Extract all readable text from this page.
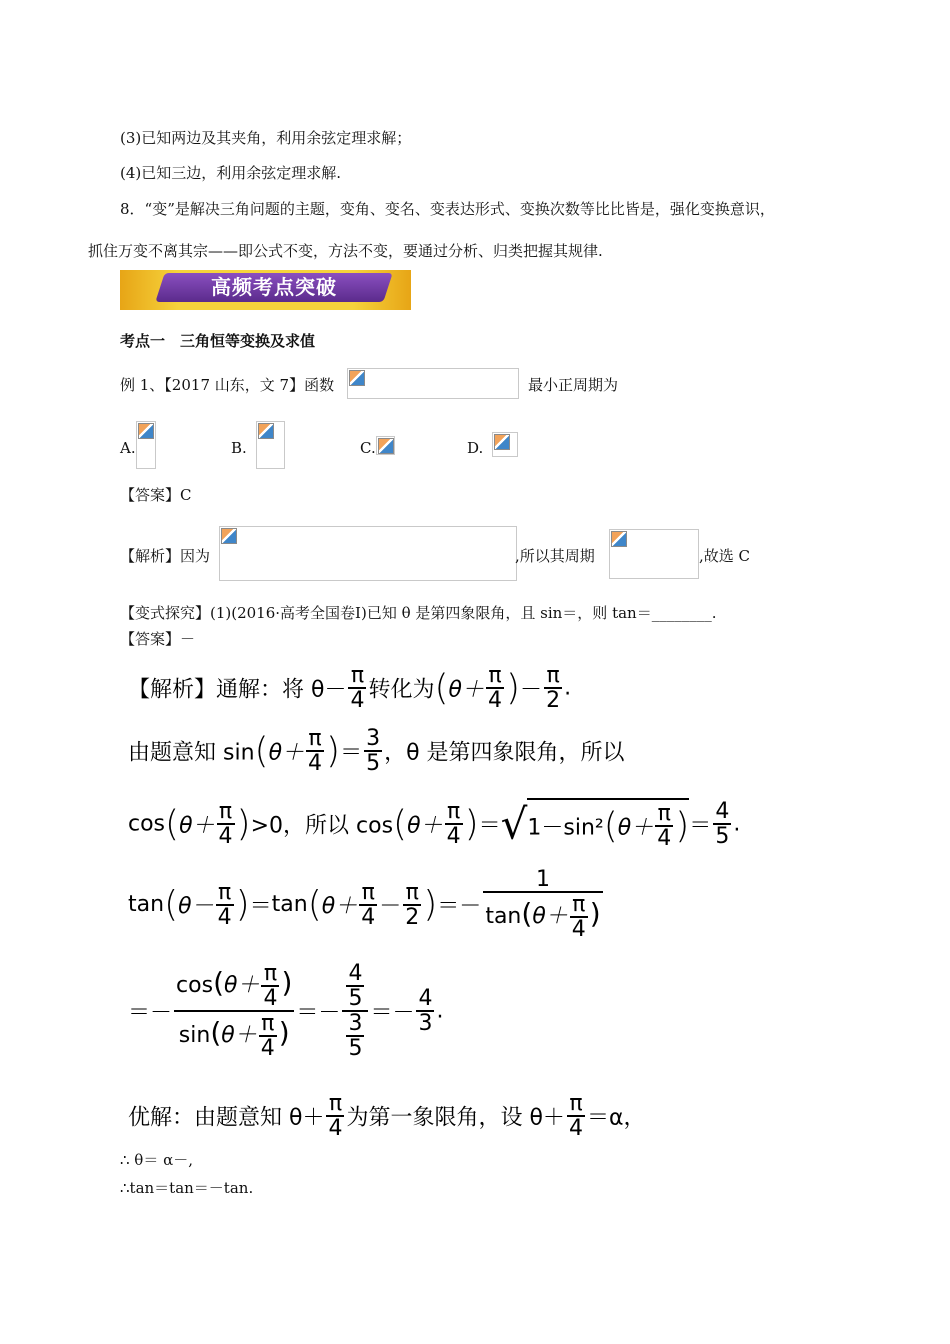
(3)已知两边及其夹角，利用余弦定理求解；
(4)已知三边，利用余弦定理求解.
8．“变”是解决三角问题的主题，变角、变名、变表达形式、变换次数等比比皆是，强化变换意识，
抓住万变不离其宗——即公式不变，方法不变，要通过分析、归类把握其规律.
高频考点突破
考点一　三角恒等变换及求值
例 1、【2017 山东，文 7】函数	最小正周期为
A.	B.	C.	D.
【答案】C
【解析】因为	,所以其周期	,故选 C
【变式探究】(1)(2016·高考全国卷Ⅰ)已知 θ 是第四象限角，且 sin＝，则 tan＝________.
【答案】－
【解析】通解：将 $\theta- \frac{\pi}{4}$ 转化为($\theta+ \frac{\pi}{4}$ )－ $\frac{\pi}{2}$ .
由题意知 $\sin(\theta+ \frac{\pi}{4}$ )＝ $\frac{3}{5}$ ，θ 是第四象限角，所以
$\cos(\theta+ \frac{\pi}{4} )>0$，所以 $\cos(\theta+ \frac{\pi}{4} )=√1-\sin^2(\theta+ \frac{\pi}{4}$ )＝ $\frac{4}{5}$ .
$\tan(\theta- \frac{\pi}{4} )=\tan(\theta+ \frac{\pi}{4} - \frac{\pi}{2}$ )＝－ $\frac{1}{\tan(\theta+ \frac{\pi}{4} )}$
＝－ $\frac{\cos(\theta+ \frac{\pi}{4} )}{\sin(\theta+ \frac{\pi}{4} )} =- \frac{\frac{4}{5}}{\frac{3}{5}} =- \frac{4}{3}$ .
优解：由题意知 $\theta+ \frac{\pi}{4}$ 为第一象限角，设 $\theta+ \frac{\pi}{4} =\alpha$，
∴ θ＝ α－,
∴tan＝tan＝－tan.
